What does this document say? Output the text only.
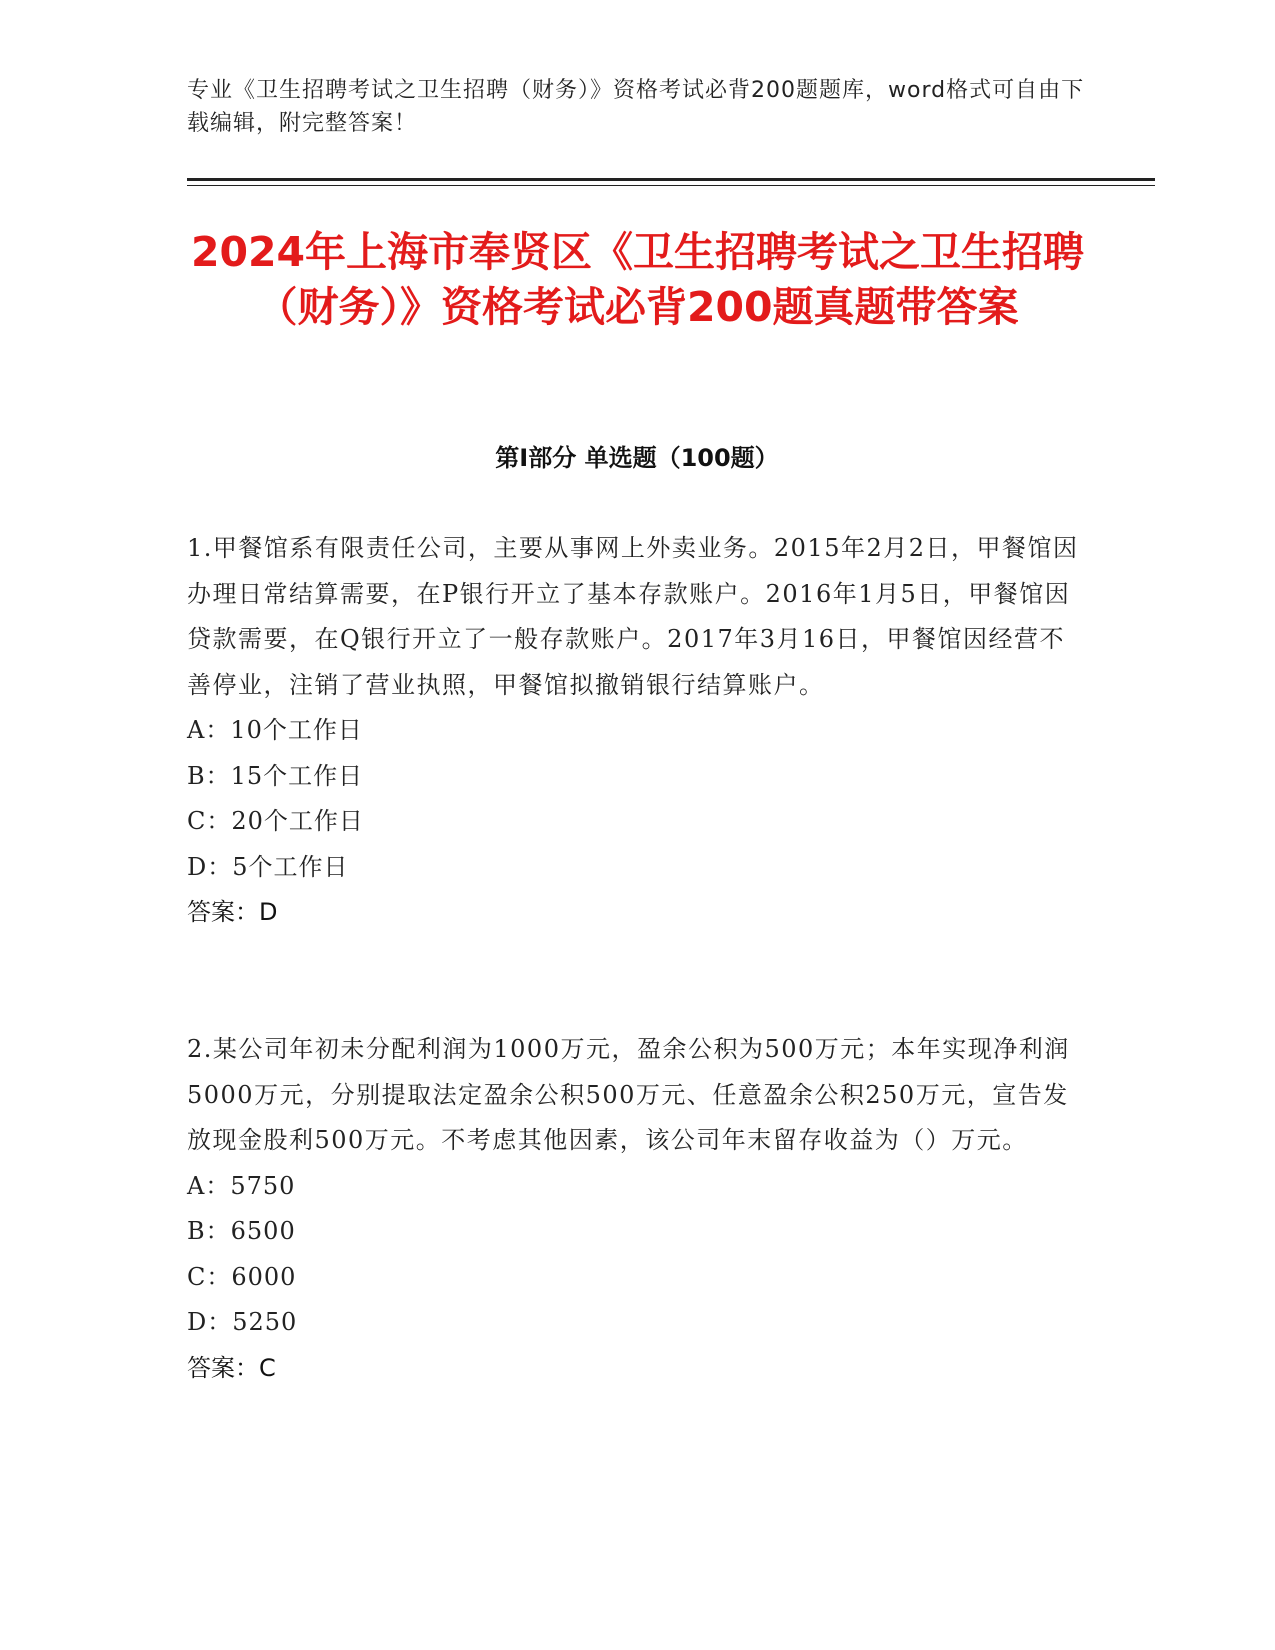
专业《卫生招聘考试之卫生招聘（财务）》资格考试必背200题题库，word格式可自由下载编辑，附完整答案！
2024年上海市奉贤区《卫生招聘考试之卫生招聘（财务）》资格考试必背200题真题带答案
第I部分 单选题（100题）
1.甲餐馆系有限责任公司，主要从事网上外卖业务。2015年2月2日，甲餐馆因办理日常结算需要，在P银行开立了基本存款账户。2016年1月5日，甲餐馆因贷款需要，在Q银行开立了一般存款账户。2017年3月16日，甲餐馆因经营不善停业，注销了营业执照，甲餐馆拟撤销银行结算账户。
A：10个工作日
B：15个工作日
C：20个工作日
D：5个工作日
答案：D
2.某公司年初未分配利润为1000万元，盈余公积为500万元；本年实现净利润5000万元，分别提取法定盈余公积500万元、任意盈余公积250万元，宣告发放现金股利500万元。不考虑其他因素，该公司年末留存收益为（）万元。
A：5750
B：6500
C：6000
D：5250
答案：C
